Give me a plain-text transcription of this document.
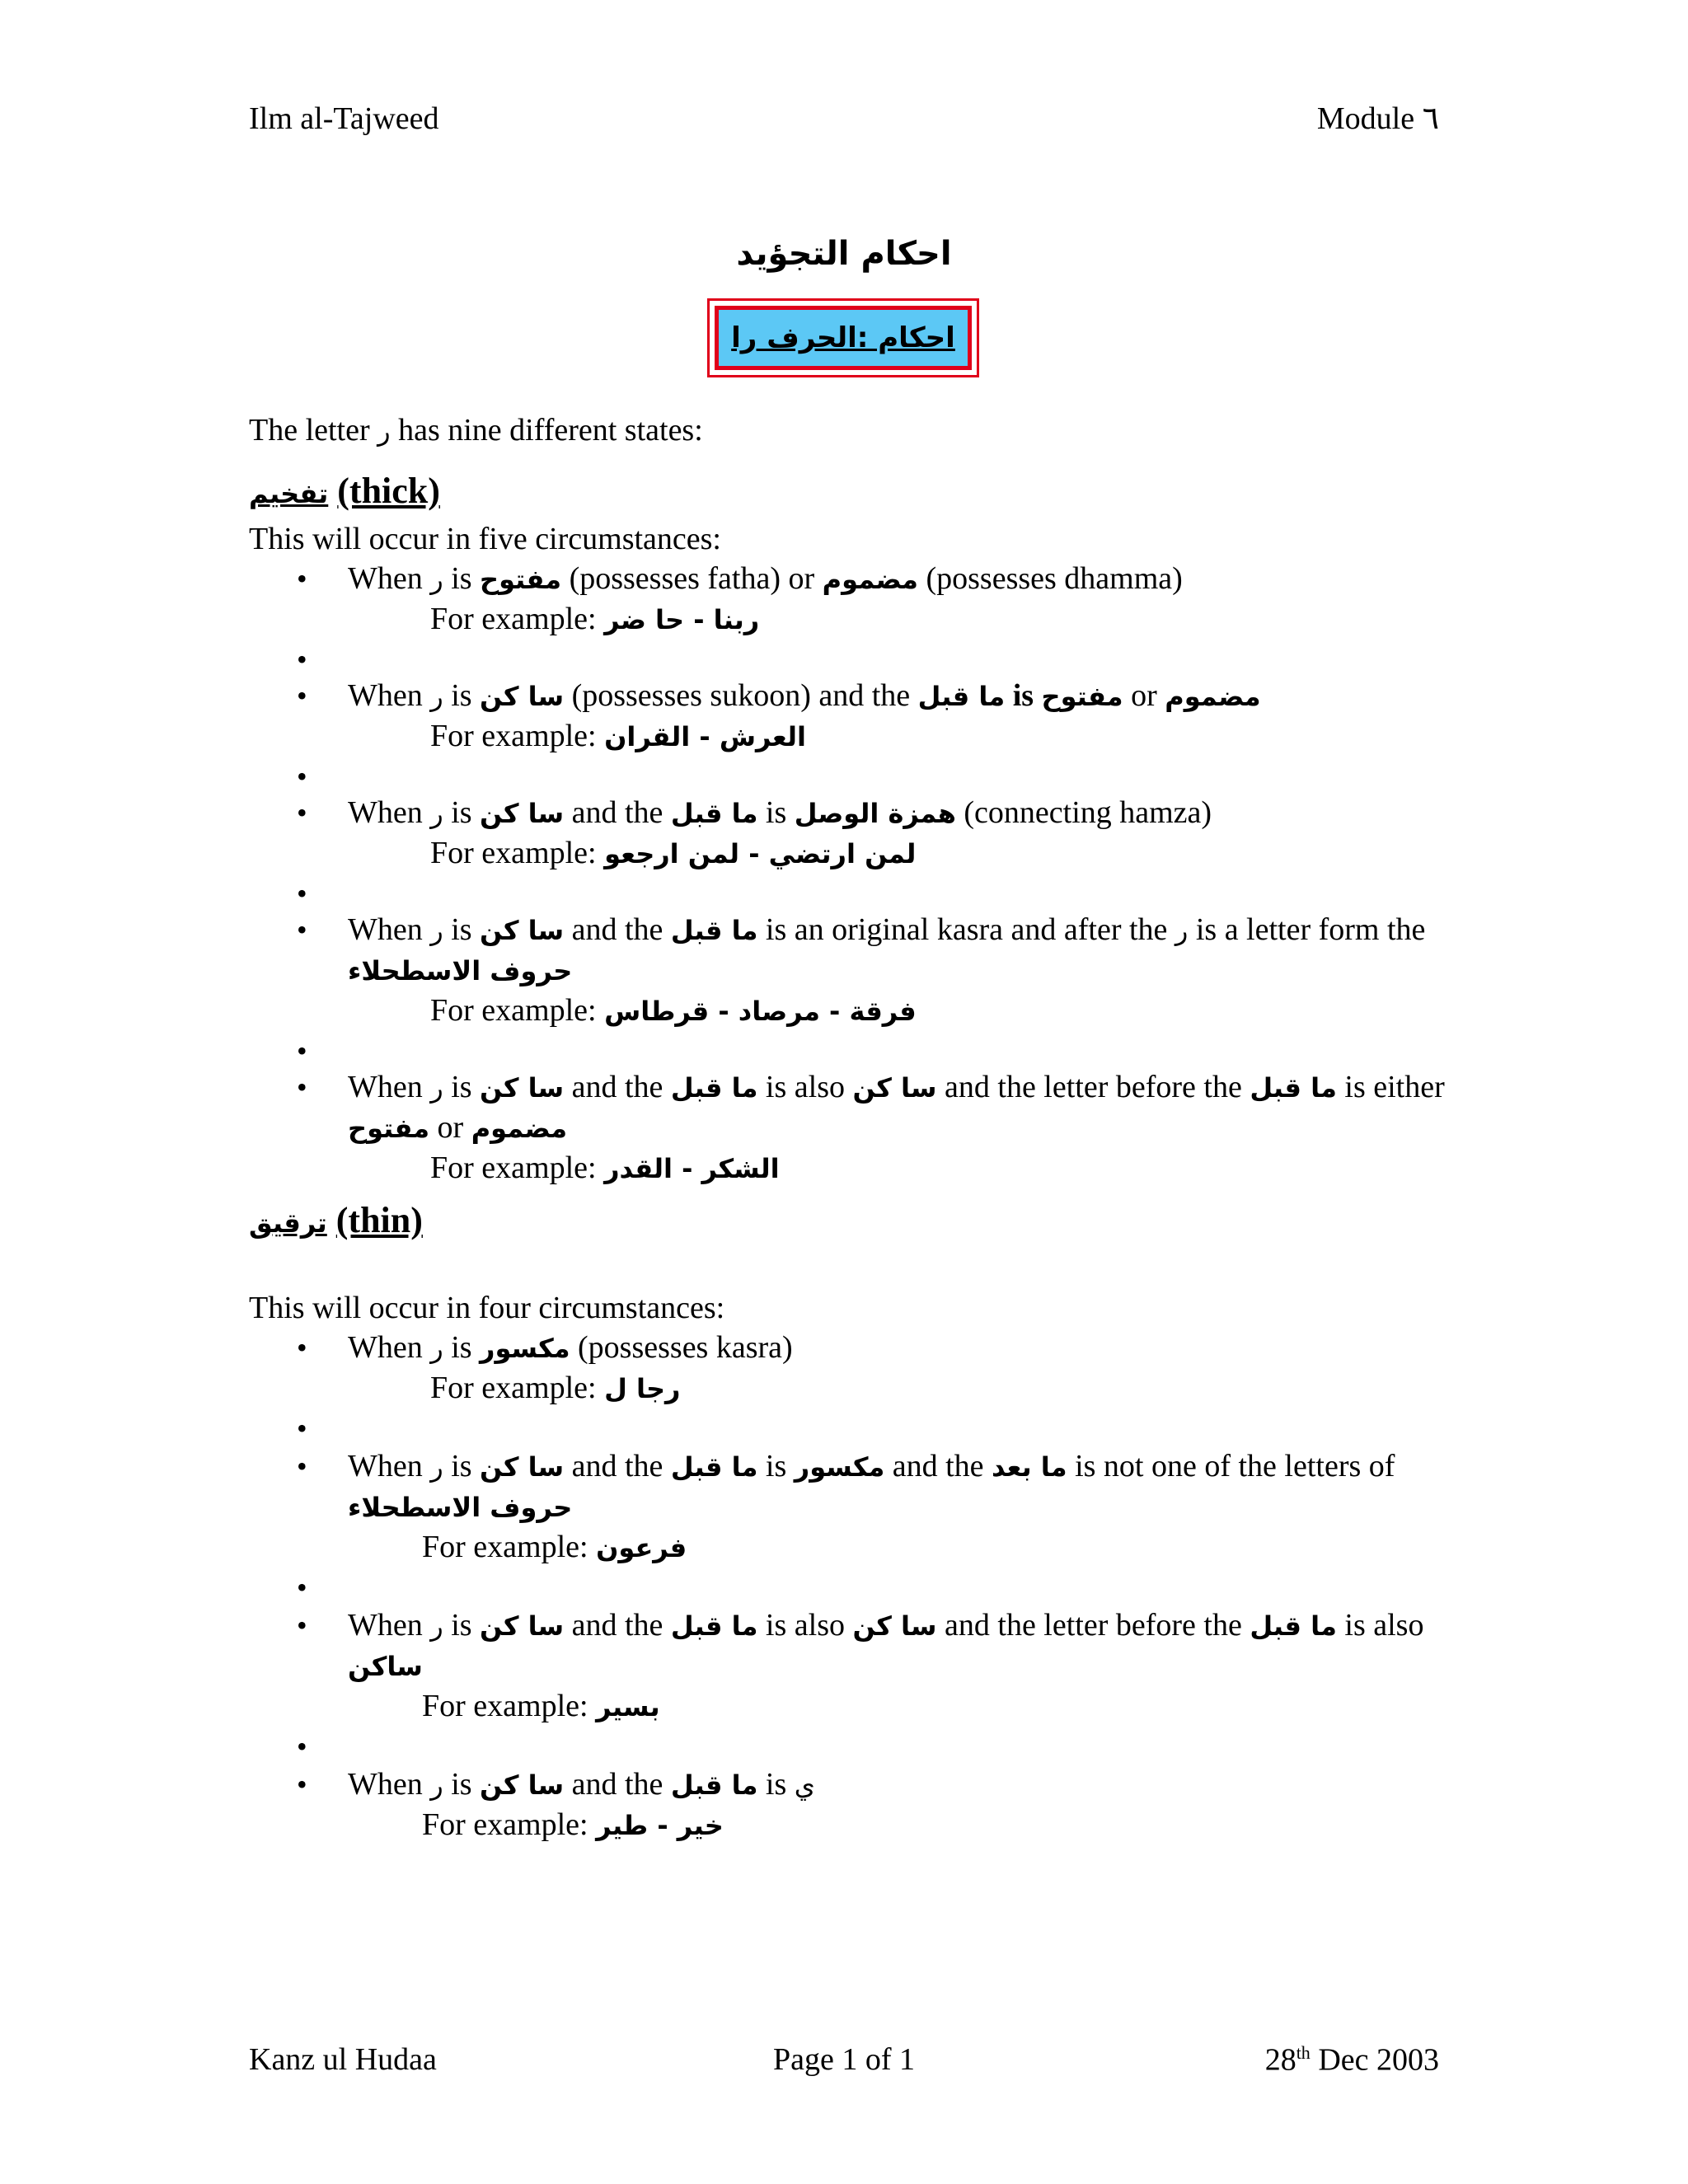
Ilm al-Tajweed	Module ٦
احكام التجؤيد
احكام :الحرف را

The letter ر has nine different states:

تفخيم (thick)

This will occur in five circumstances:

• When ر is مفتوح (possesses fatha) or مضموم (possesses dhamma)
For example: ربنا - حا ضر
•
• When ر is سا كن (possesses sukoon) and the ما قبل is مفتوح or مضموم
For example: العرش - القران
•
• When ر is سا كن and the ما قبل is همزة الوصل (connecting hamza)
For example: لمن ارتضي - لمن ارجعو
•
• When ر is سا كن and the ما قبل is an original kasra and after the ر is a letter form the
حروف الاسطحلاء
For example: فرقة - مرصاد - قرطاس
•
• When ر is سا كن and the ما قبل is also سا كن and the letter before the ما قبل is either
مفتوح or مضموم
For example: الشكر - القدر
ترقيق (thin)

This will occur in four circumstances:

• When ر is مكسور (possesses kasra)
For example: رجا ل
•
• When ر is سا كن and the ما قبل is مكسور and the ما بعد is not one of the letters of
حروف الاسطحلاء
For example: فرعون
•
• When ر is سا كن and the ما قبل is also سا كن and the letter before the ما قبل is also
ساكن
For example: بسير
•
• When ر is سا كن and the ما قبل is ي
For example: خير - طير
Kanz ul Hudaa	Page 1 of 1	28th Dec 2003
